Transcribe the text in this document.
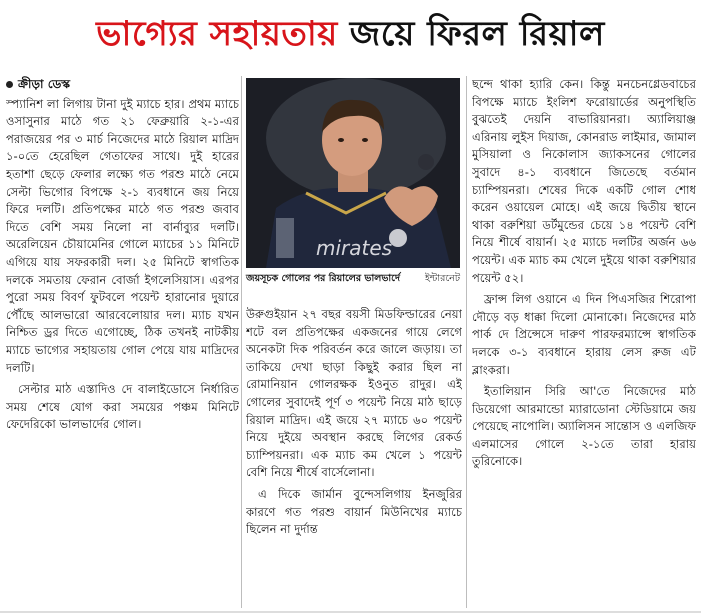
ভাগ্যের সহায়তায় জয়ে ফিরল রিয়াল
ক্রীড়া ডেস্ক

স্প্যানিশ লা লিগায় টানা দুই ম্যাচে হার। প্রথম ম্যাচে ওসাসুনার মাঠে গত ২১ ফেব্রুয়ারি ২-১-এর পরাজয়ের পর ৩ মার্চ নিজেদের মাঠে রিয়াল মাদ্রিদ ১-০তে হেরেছিল গেতাফের সাথে। দুই হারের হতাশা ছেড়ে ফেলার লক্ষ্যে গত পরশু মাঠে নেমে সেল্টা ভিগোর বিপক্ষে ২-১ ব্যবধানে জয় নিয়ে ফিরে দলটি। প্রতিপক্ষের মাঠে গত পরশু জবাব দিতে বেশি সময় নিলো না বার্নাব্যুর দলটি। অরেলিয়েন চৌয়ামেনির গোলে ম্যাচের ১১ মিনিটে এগিয়ে যায় সফরকারী দল। ২৫ মিনিটে স্বাগতিক দলকে সমতায় ফেরান বোর্জা ইগলেসিয়াস। এরপর পুরো সময় বিবর্ণ ফুটবলে পয়েন্ট হারানোর দুয়ারে পৌঁছে আলভারো আরবেলোয়ার দল। ম্যাচ যখন নিশ্চিত ড্রর দিতে এগোচ্ছে, ঠিক তখনই নাটকীয় ম্যাচে ভাগ্যের সহায়তায় গোল পেয়ে যায় মাদ্রিদের দলটি।

সেল্টার মাঠ এস্তাদিও দে বালাইডোসে নির্ধারিত সময় শেষে যোগ করা সময়ের পঞ্চম মিনিটে ফেদেরিকো ভালভার্দের গোল।

mirates
জয়সূচক গোলের পর রিয়ালের ভালভার্দে	ইন্টারনেট

উরুগুইয়ান ২৭ বছর বয়সী মিডফিল্ডারের নেয়া শটে বল প্রতিপক্ষের একজনের গায়ে লেগে অনেকটা দিক পরিবর্তন করে জালে জড়ায়। তা তাকিয়ে দেখা ছাড়া কিছুই করার ছিল না রোমানিয়ান গোলরক্ষক ইওনুত রাদুর। এই গোলের সুবাদেই পূর্ণ ৩ পয়েন্ট নিয়ে মাঠ ছাড়ে রিয়াল মাদ্রিদ। এই জয়ে ২৭ ম্যাচে ৬০ পয়েন্ট নিয়ে দুইয়ে অবস্থান করছে লিগের রেকর্ড চ্যাম্পিয়নরা। এক ম্যাচ কম খেলে ১ পয়েন্ট বেশি নিয়ে শীর্ষে বার্সেলোনা।

এ দিকে জার্মান বুন্দেসলিগায় ইনজুরির কারণে গত পরশু বায়ার্ন মিউনিখের ম্যাচে ছিলেন না দুর্দান্ত

ছন্দে থাকা হ্যারি কেন। কিন্তু মনচেনগ্লেডবাচের বিপক্ষে ম্যাচে ইংলিশ ফরোয়ার্ডের অনুপস্থিতি বুঝতেই দেয়নি বাভারিয়ানরা। অ্যালিয়াঞ্জ এরিনায় লুইস দিয়াজ, কোনরাড লাইমার, জামাল মুসিয়ালা ও নিকোলাস জ্যাকসনের গোলের সুবাদে ৪-১ ব্যবধানে জিতেছে বর্তমান চ্যাম্পিয়নরা। শেষের দিকে একটি গোল শোধ করেন ওয়ায়েল মোহে। এই জয়ে দ্বিতীয় স্থানে থাকা বরুশিয়া ডর্টমুন্ডের চেয়ে ১৪ পয়েন্ট বেশি নিয়ে শীর্ষে বায়ার্ন। ২৫ ম্যাচে দলটির অর্জন ৬৬ পয়েন্ট। এক ম্যাচ কম খেলে দুইয়ে থাকা বরুশিয়ার পয়েন্ট ৫২।

ফ্রান্স লিগ ওয়ানে এ দিন পিএসজির শিরোপা দৌড়ে বড় ধাক্কা দিলো মোনাকো। নিজেদের মাঠ পার্ক দে প্রিন্সেসে দারুণ পারফরম্যান্সে স্বাগতিক দলকে ৩-১ ব্যবধানে হারায় লেস রুজ এট ব্লাংকরা।

ইতালিয়ান সিরি আ'তে নিজেদের মাঠ ডিয়েগো আরমান্ডো ম্যারাডোনা স্টেডিয়ামে জয় পেয়েছে নাপোলি। অ্যালিসন সান্তোস ও এলজিফ এলমাসের গোলে ২-১তে তারা হারায় তুরিনোকে।
